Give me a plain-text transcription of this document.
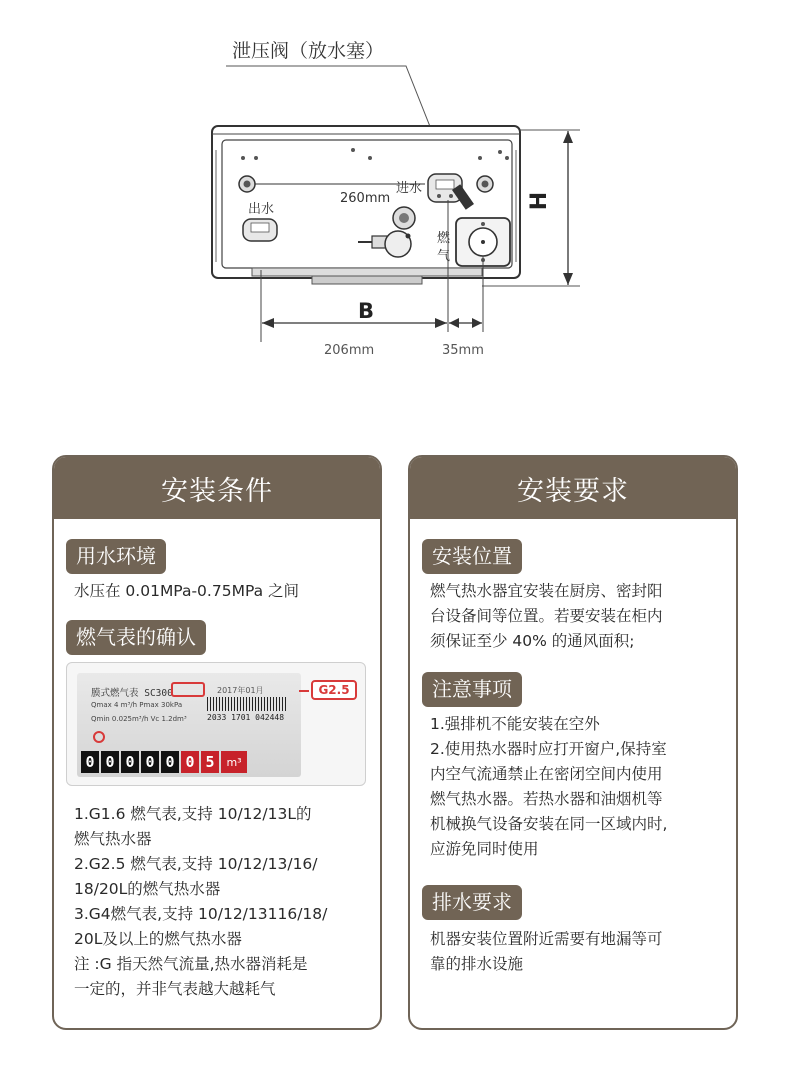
泄压阀（放水塞）
260mm
进水
出水
燃
气
H
B
206mm	35mm
安装条件
用水环境
水压在 0.01MPa-0.75MPa 之间
燃气表的确认
膜式燃气表 SC300	2017年01月
Qmax 4 m³/h Pmax 30kPa
Qmin 0.025m³/h Vc 1.2dm³	2033 1701 042448
0 0 0 0 0 0 5	m³
G2.5
1.G1.6 燃气表,支持 10/12/13L的
燃气热水器
2.G2.5 燃气表,支持 10/12/13/16/
18/20L的燃气热水器
3.G4燃气表,支持 10/12/13116/18/
20L及以上的燃气热水器
注 :G 指天然气流量,热水器消耗是
一定的，并非气表越大越耗气
安装要求
安装位置
燃气热水器宜安装在厨房、密封阳
台设备间等位置。若要安装在柜内
须保证至少 40% 的通风面积;
注意事项
1.强排机不能安装在空外
2.使用热水器时应打开窗户,保持室
内空气流通禁止在密闭空间内使用
燃气热水器。若热水器和油烟机等
机械换气设备安装在同一区域内时,
应游免同时使用
排水要求
机器安装位置附近需要有地漏等可
靠的排水设施
